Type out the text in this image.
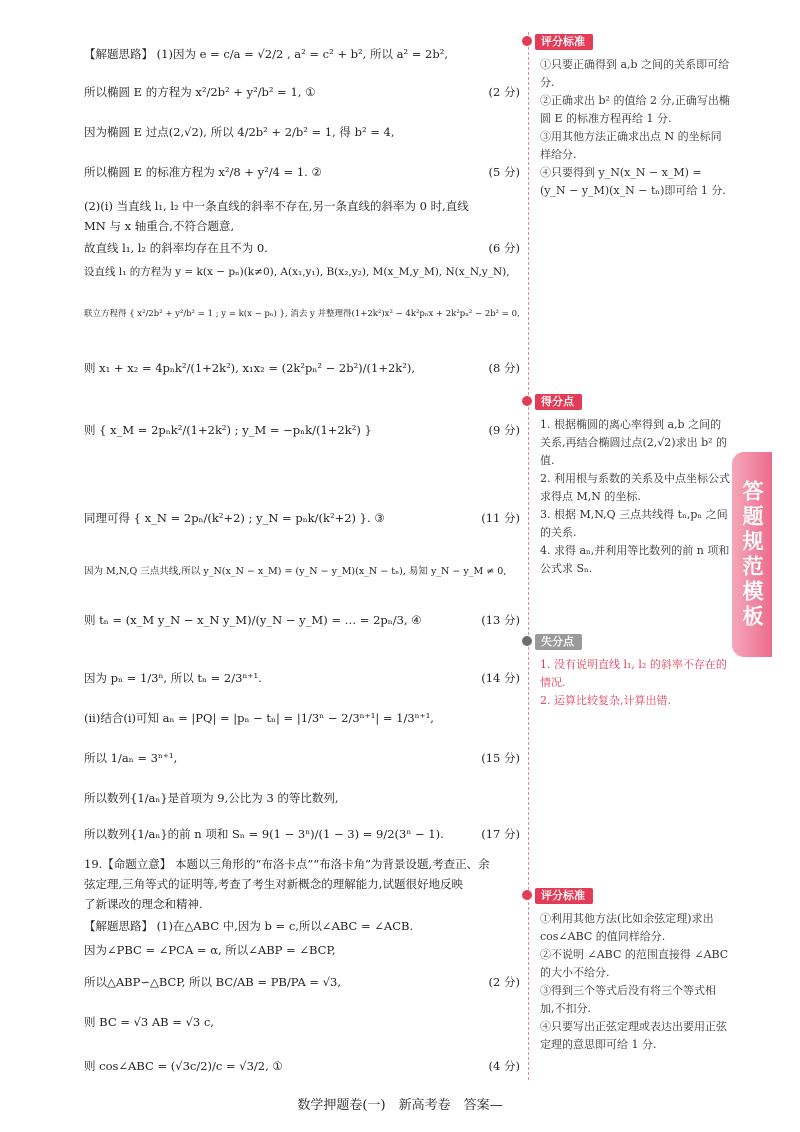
【解题思路】 (1)因为 e = c/a = √2/2 , a² = c² + b², 所以 a² = 2b²,
所以椭圆 E 的方程为 x²/2b² + y²/b² = 1, ①	(2 分)
因为椭圆 E 过点(2,√2), 所以 4/2b² + 2/b² = 1, 得 b² = 4,
所以椭圆 E 的标准方程为 x²/8 + y²/4 = 1. ②	(5 分)
(2)(i) 当直线 l₁, l₂ 中一条直线的斜率不存在,另一条直线的斜率为 0 时,直线
MN 与 x 轴重合,不符合题意,
故直线 l₁, l₂ 的斜率均存在且不为 0.	(6 分)
设直线 l₁ 的方程为 y = k(x − pₙ)(k≠0), A(x₁,y₁), B(x₂,y₂), M(x_M,y_M), N(x_N,y_N),
联立方程得 { x²/2b² + y²/b² = 1 ; y = k(x − pₙ) }, 消去 y 并整理得(1+2k²)x² − 4k²pₙx + 2k²pₙ² − 2b² = 0,
则 x₁ + x₂ = 4pₙk²/(1+2k²), x₁x₂ = (2k²pₙ² − 2b²)/(1+2k²),	(8 分)
则 { x_M = 2pₙk²/(1+2k²) ; y_M = −pₙk/(1+2k²) }	(9 分)
同理可得 { x_N = 2pₙ/(k²+2) ; y_N = pₙk/(k²+2) }. ③	(11 分)
因为 M,N,Q 三点共线,所以 y_N(x_N − x_M) = (y_N − y_M)(x_N − tₙ), 易知 y_N − y_M ≠ 0,
则 tₙ = (x_M y_N − x_N y_M)/(y_N − y_M) = … = 2pₙ/3, ④	(13 分)
因为 pₙ = 1/3ⁿ, 所以 tₙ = 2/3ⁿ⁺¹.	(14 分)
(ii)结合(i)可知 aₙ = |PQ| = |pₙ − tₙ| = |1/3ⁿ − 2/3ⁿ⁺¹| = 1/3ⁿ⁺¹,
所以 1/aₙ = 3ⁿ⁺¹,	(15 分)
所以数列{1/aₙ}是首项为 9,公比为 3 的等比数列,
所以数列{1/aₙ}的前 n 项和 Sₙ = 9(1 − 3ⁿ)/(1 − 3) = 9/2(3ⁿ − 1).	(17 分)
19.【命题立意】 本题以三角形的“布洛卡点”“布洛卡角”为背景设题,考查正、余
弦定理,三角等式的证明等,考查了考生对新概念的理解能力,试题很好地反映
了新课改的理念和精神.
【解题思路】 (1)在△ABC 中,因为 b = c,所以∠ABC = ∠ACB.
因为∠PBC = ∠PCA = α, 所以∠ABP = ∠BCP,
所以△ABP∽△BCP, 所以 BC/AB = PB/PA = √3,	(2 分)
则 BC = √3 AB = √3 c,
则 cos∠ABC = (√3c/2)/c = √3/2, ①	(4 分)
评分标准
①只要正确得到 a,b 之间的关系即可给分.
②正确求出 b² 的值给 2 分,正确写出椭圆 E 的标准方程再给 1 分.
③用其他方法正确求出点 N 的坐标同样给分.
④只要得到 y_N(x_N − x_M) = (y_N − y_M)(x_N − tₙ)即可给 1 分.
得分点
1. 根据椭圆的离心率得到 a,b 之间的关系,再结合椭圆过点(2,√2)求出 b² 的值.
2. 利用根与系数的关系及中点坐标公式求得点 M,N 的坐标.
3. 根据 M,N,Q 三点共线得 tₙ,pₙ 之间的关系.
4. 求得 aₙ,并利用等比数列的前 n 项和公式求 Sₙ.
失分点
1. 没有说明直线 l₁, l₂ 的斜率不存在的情况.
2. 运算比较复杂,计算出错.
评分标准
①利用其他方法(比如余弦定理)求出 cos∠ABC 的值同样给分.
②不说明 ∠ABC 的范围直接得 ∠ABC 的大小不给分.
③得到三个等式后没有将三个等式相加,不扣分.
④只要写出正弦定理或表达出要用正弦定理的意思即可给 1 分.
答题规范模板
数学押题卷(一)　新高考卷　答案—
